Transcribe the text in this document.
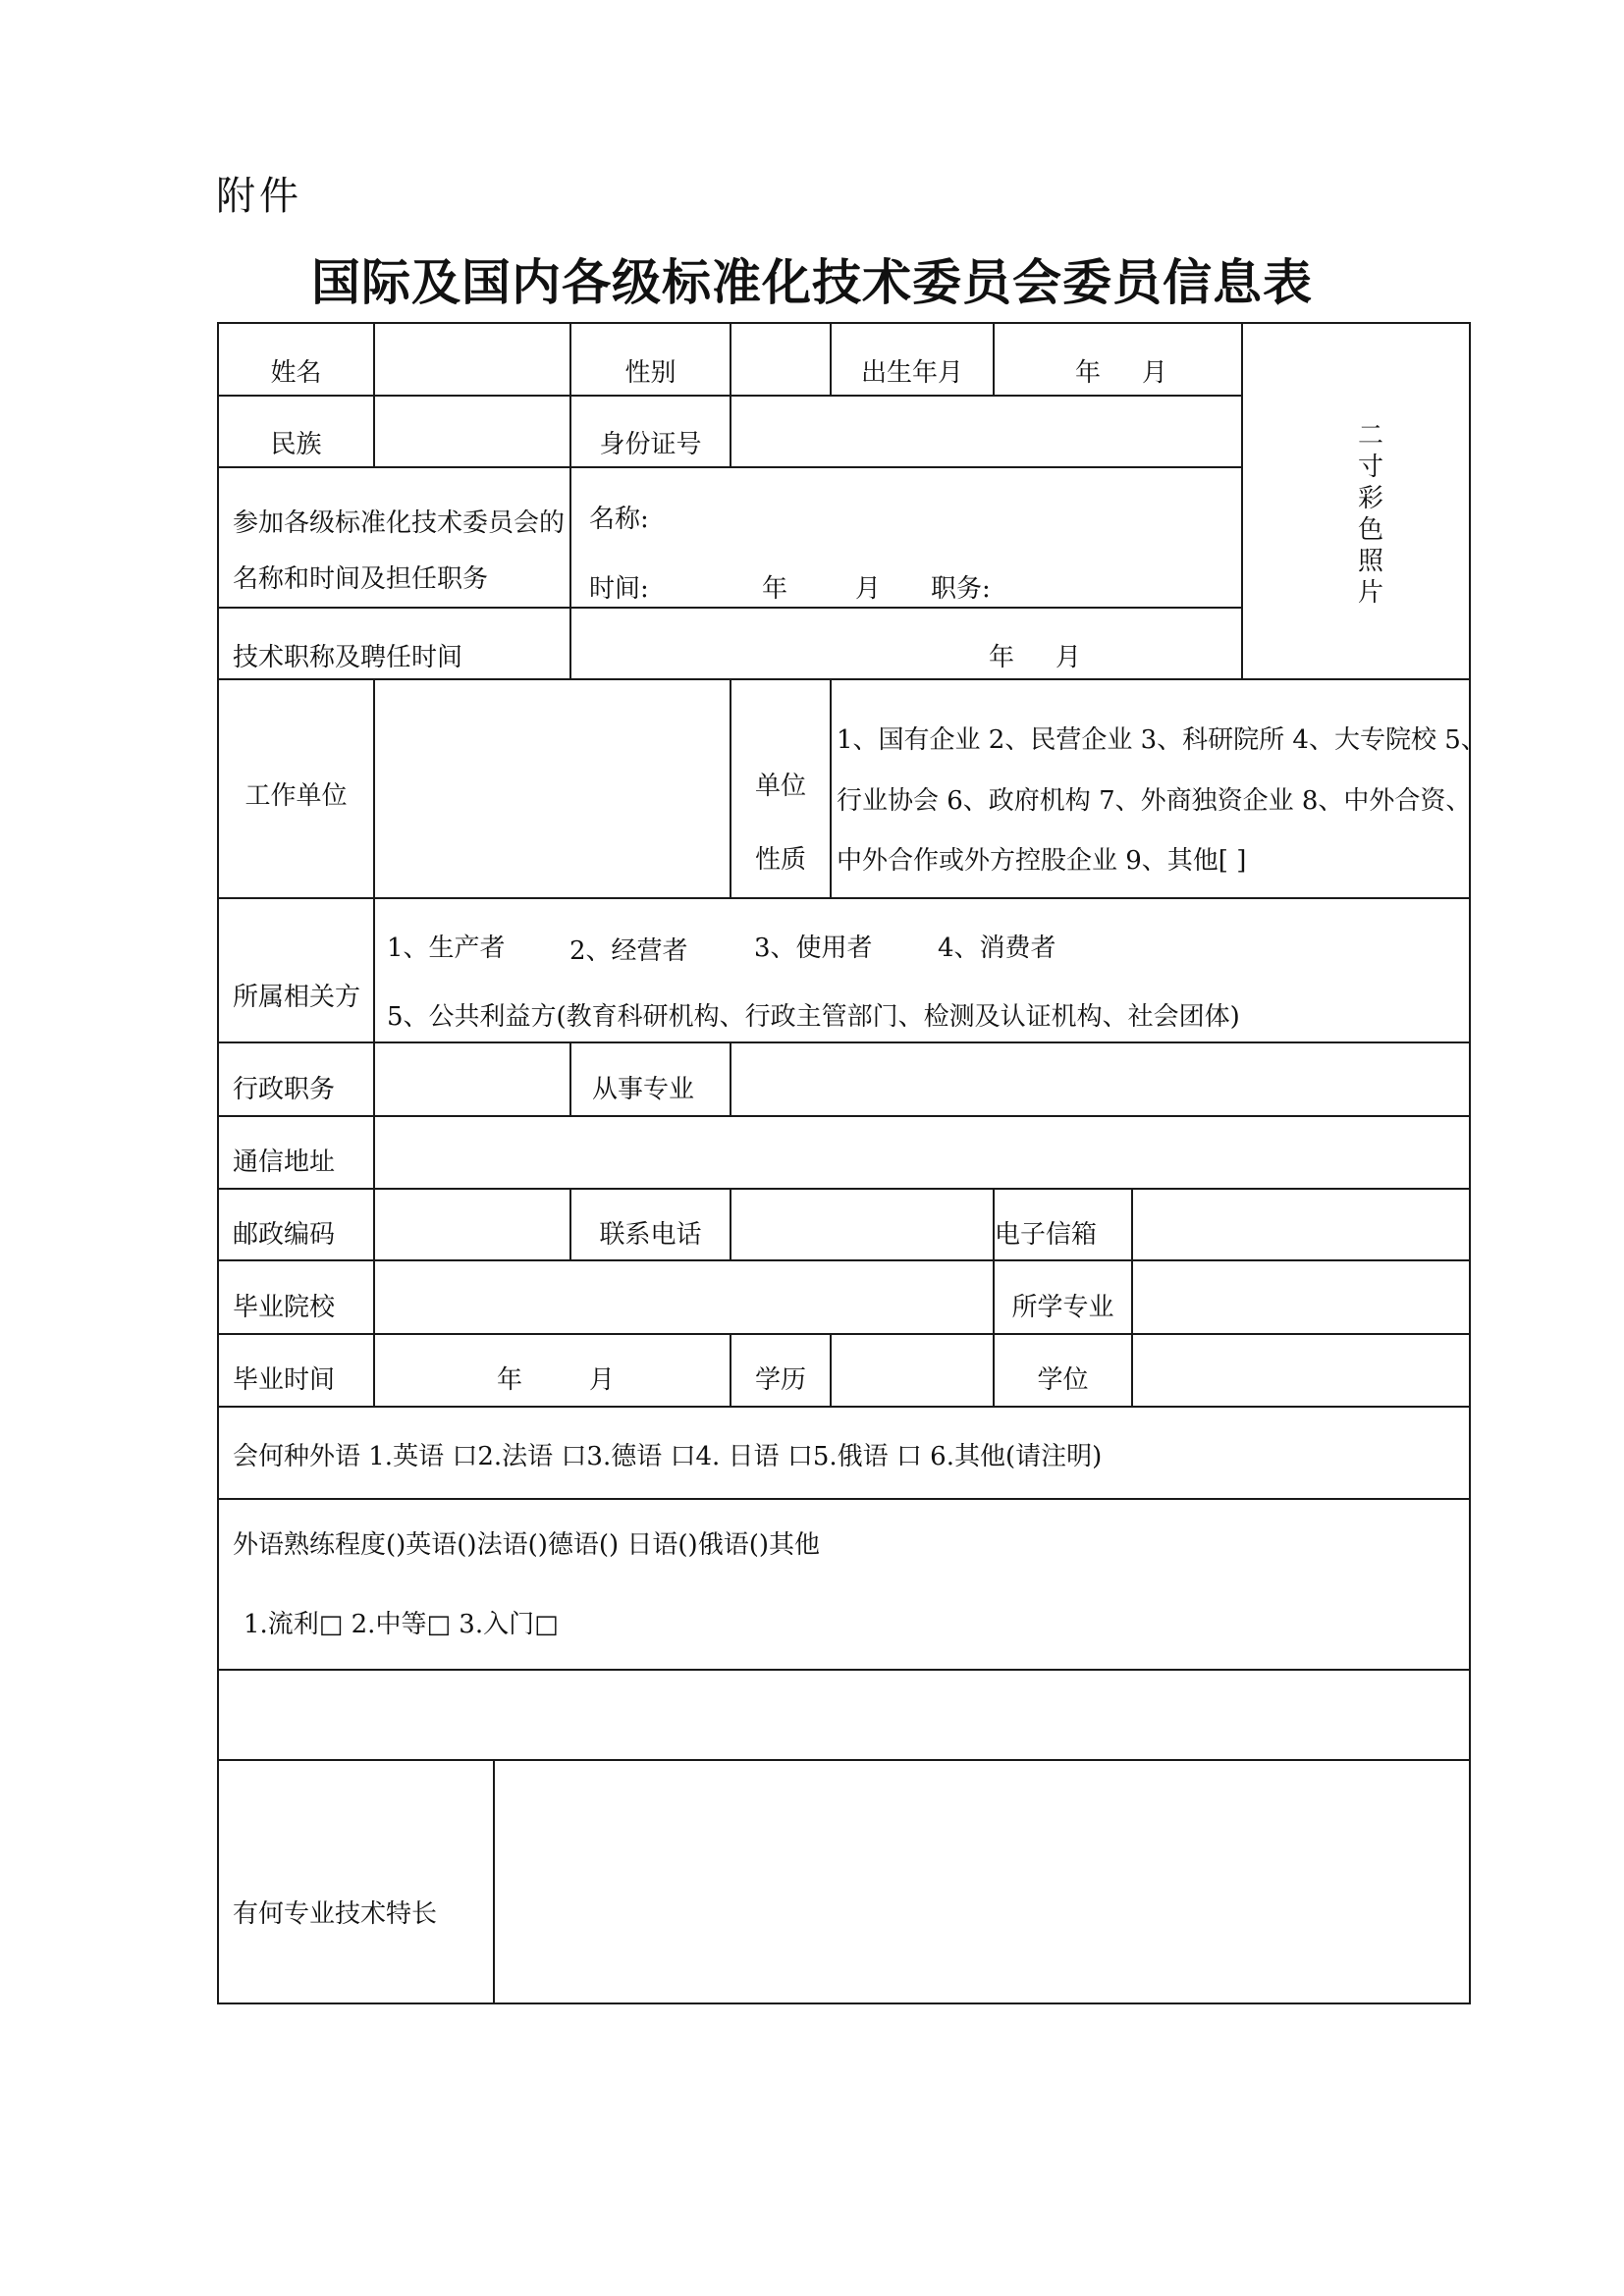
附件
国际及国内各级标准化技术委员会委员信息表
姓名	性别	出生年月	年 月
民族	身份证号	二寸彩色照片
参加各级标准化技术委员会的
名称和时间及担任职务
名称:
时间:	年	月 职务:
技术职称及聘任时间	年 月
工作单位	单位
性质
1、国有企业 2、民营企业 3、科研院所 4、大专院校 5、
行业协会 6、政府机构 7、外商独资企业 8、中外合资、
中外合作或外方控股企业 9、其他[ ]
所属相关方
1、生产者	2、经营者	3、使用者	4、消费者
5、公共利益方(教育科研机构、行政主管部门、检测及认证机构、社会团体)
行政职务	从事专业
通信地址
邮政编码	联系电话	电子信箱
毕业院校	所学专业
毕业时间	年	月	学历	学位
会何种外语 1.英语 口2.法语 口3.德语 口4. 日语 口5.俄语 口 6.其他(请注明)
外语熟练程度()英语()法语()德语() 日语()俄语()其他
1.流利□ 2.中等□ 3.入门□
有何专业技术特长
